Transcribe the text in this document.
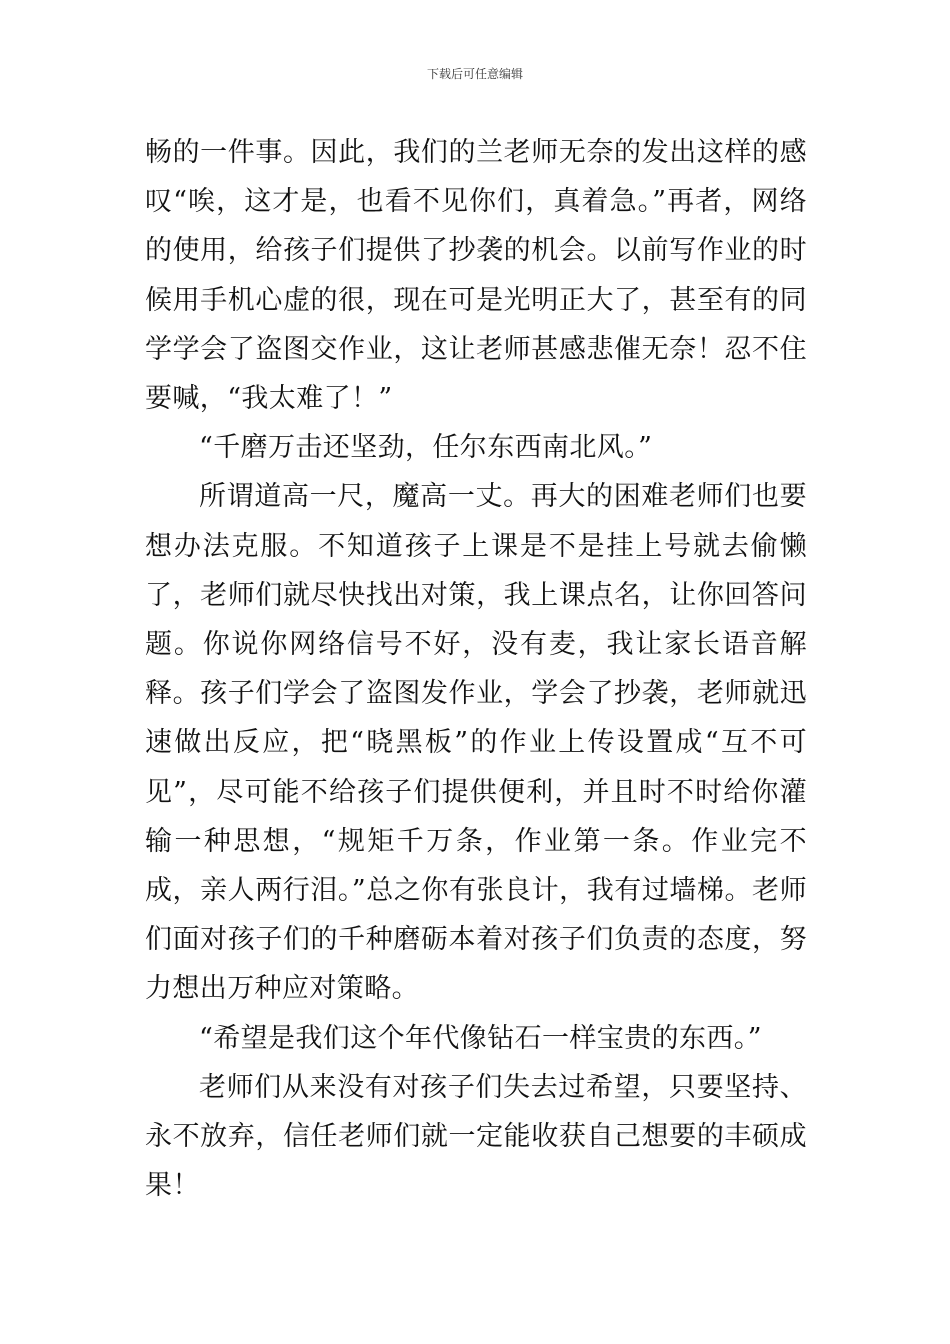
下载后可任意编辑

畅的一件事。因此，我们的兰老师无奈的发出这样的感叹“唉，这才是，也看不见你们，真着急。”再者，网络的使用，给孩子们提供了抄袭的机会。以前写作业的时候用手机心虚的很，现在可是光明正大了，甚至有的同学学会了盗图交作业，这让老师甚感悲催无奈！忍不住要喊，“我太难了！”

“千磨万击还坚劲，任尔东西南北风。”

所谓道高一尺，魔高一丈。再大的困难老师们也要想办法克服。不知道孩子上课是不是挂上号就去偷懒了，老师们就尽快找出对策，我上课点名，让你回答问题。你说你网络信号不好，没有麦，我让家长语音解释。孩子们学会了盗图发作业，学会了抄袭，老师就迅速做出反应，把“晓黑板”的作业上传设置成“互不可见”，尽可能不给孩子们提供便利，并且时不时给你灌输一种思想，“规矩千万条，作业第一条。作业完不成，亲人两行泪。”总之你有张良计，我有过墙梯。老师们面对孩子们的千种磨砺本着对孩子们负责的态度，努力想出万种应对策略。

“希望是我们这个年代像钻石一样宝贵的东西。”

老师们从来没有对孩子们失去过希望，只要坚持、永不放弃，信任老师们就一定能收获自己想要的丰硕成果！
